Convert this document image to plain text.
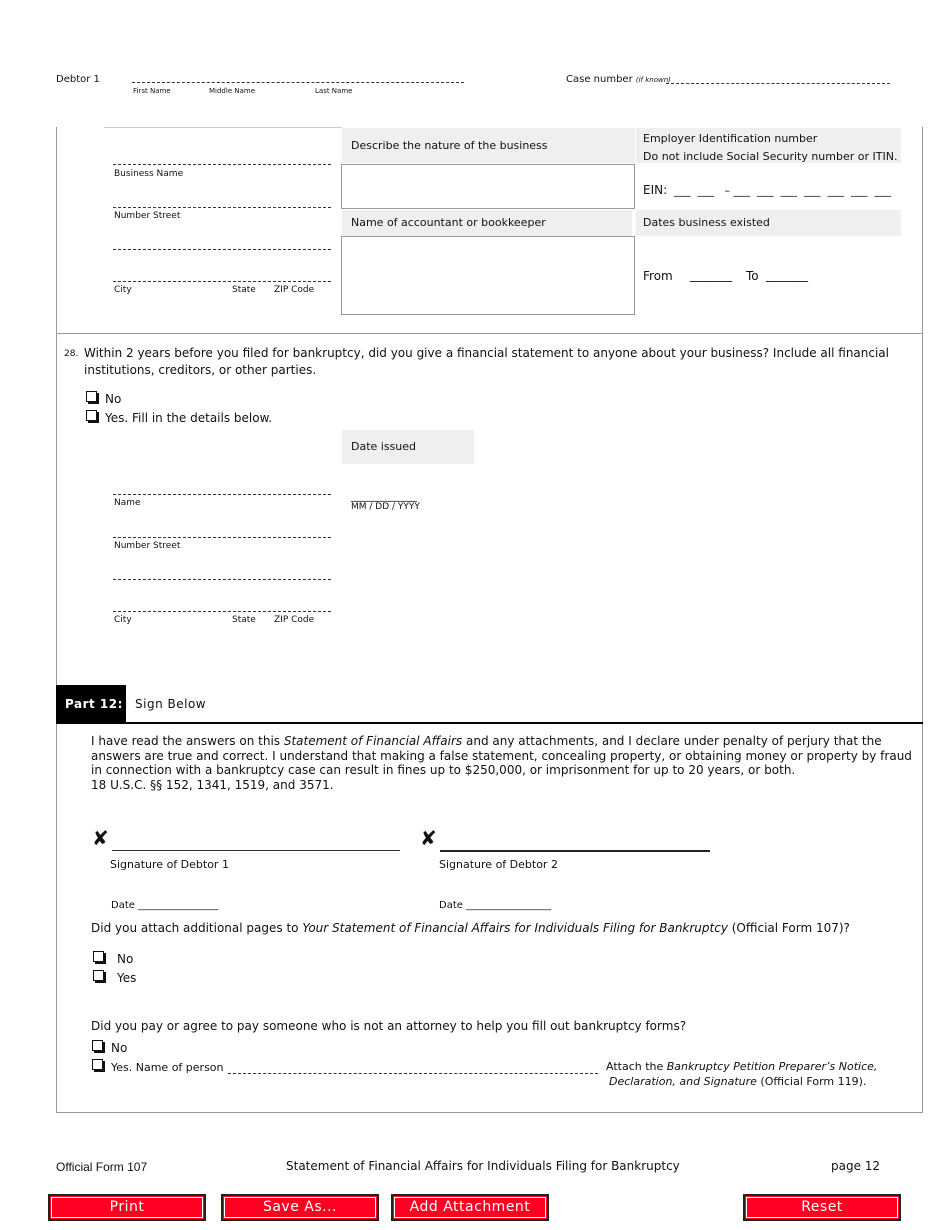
Debtor 1
First Name	Middle Name	Last Name
Case number (if known)
Business Name
Number Street
City	State ZIP Code
Describe the nature of the business
Name of accountant or bookkeeper
Employer Identification number
Do not include Social Security number or ITIN.
EIN: ___  ___   – ___  ___  ___  ___  ___  ___  ___
Dates business existed
From _______ To _______
28. Within 2 years before you filed for bankruptcy, did you give a financial statement to anyone about your business? Include all financial
institutions, creditors, or other parties.
No
Yes. Fill in the details below.
Date issued
____________
MM / DD / YYYY
Name
Number Street
City	State ZIP Code
Part 12: Sign Below
I have read the answers on this Statement of Financial Affairs and any attachments, and I declare under penalty of perjury that the
answers are true and correct. I understand that making a false statement, concealing property, or obtaining money or property by fraud
in connection with a bankruptcy case can result in fines up to $250,000, or imprisonment for up to 20 years, or both.
18 U.S.C. §§ 152, 1341, 1519, and 3571.
✘
Signature of Debtor 1
✘
Signature of Debtor 2
Date ________________	Date _________________
Did you attach additional pages to Your Statement of Financial Affairs for Individuals Filing for Bankruptcy (Official Form 107)?
No
Yes
Did you pay or agree to pay someone who is not an attorney to help you fill out bankruptcy forms?
No
Yes. Name of person	Attach the Bankruptcy Petition Preparer’s Notice,
Declaration, and Signature (Official Form 119).
Official Form 107	Statement of Financial Affairs for Individuals Filing for Bankruptcy	page 12
Print	Save As...	Add Attachment	Reset
